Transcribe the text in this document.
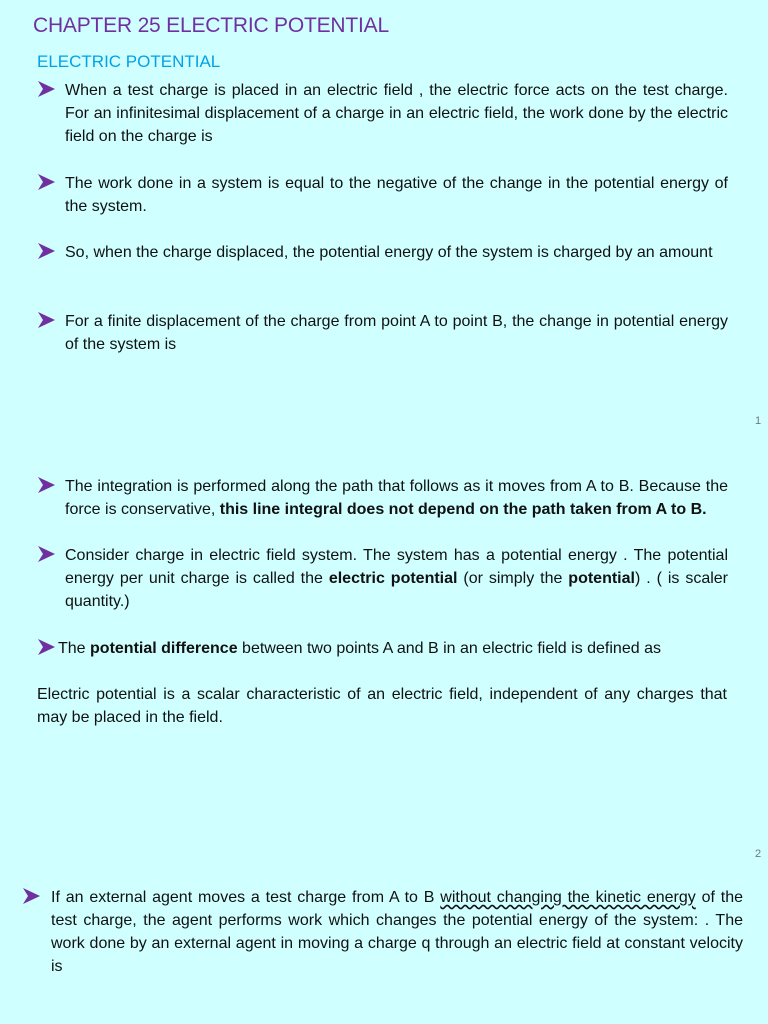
CHAPTER 25 ELECTRIC POTENTIAL
ELECTRIC POTENTIAL
When a test charge is placed in an electric field , the electric force acts on the test charge. For an infinitesimal displacement of a charge in an electric field, the work done by the electric field on the charge is
The work done in a system is equal to the negative of the change in the potential energy of the system.
So, when the charge displaced, the potential energy of the system is charged by an amount
For a finite displacement of the charge from point A to point B, the change in potential energy of the system is
1
The integration is performed along the path that follows as it moves from A to B. Because the force is conservative, this line integral does not depend on the path taken from A to B.
Consider charge in electric field system. The system has a potential energy . The potential energy per unit charge is called the electric potential (or simply the potential) . ( is scaler quantity.)
The potential difference between two points A and B in an electric field is defined as
Electric potential is a scalar characteristic of an electric field, independent of any charges that may be placed in the field.
2
If an external agent moves a test charge from A to B without changing the kinetic energy of the test charge, the agent performs work which changes the potential energy of the system: . The work done by an external agent in moving a charge q through an electric field at constant velocity is
